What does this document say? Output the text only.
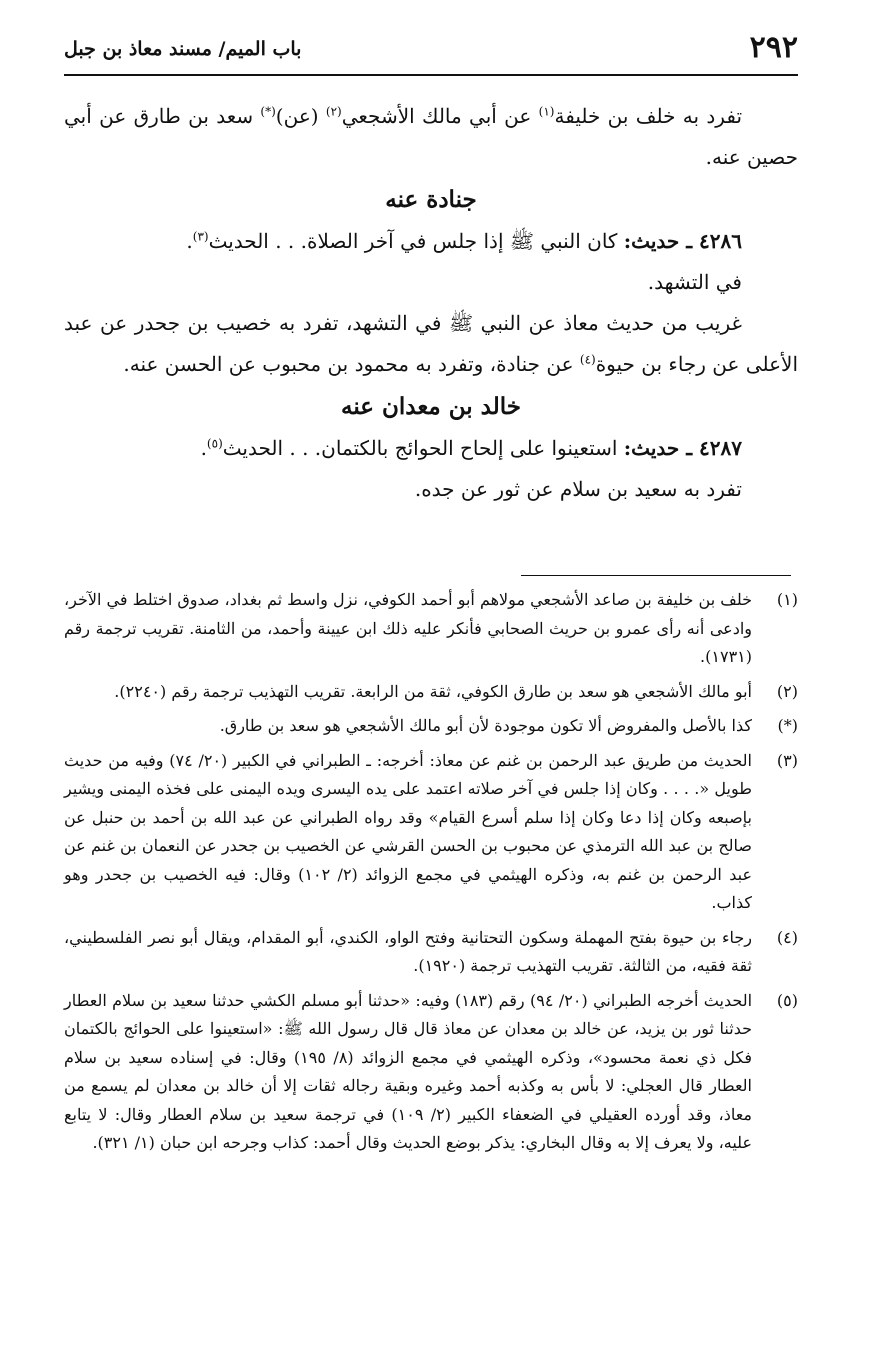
٢٩٢
باب الميم/ مسند معاذ بن جبل

تفرد به خلف بن خليفة$^{(١)}$ عن أبي مالك الأشجعي$^{(٢)}$ (عن)(*) سعد بن طارق عن أبي حصين عنه.

جنادة عنه

٤٢٨٦ ـ حديث: كان النبي ﷺ إذا جلس في آخر الصلاة. . . الحديث$^{(٣)}$.

في التشهد.

غريب من حديث معاذ عن النبي ﷺ في التشهد، تفرد به خصيب بن جحدر عن عبد الأعلى عن رجاء بن حيوة$^{(٤)}$ عن جنادة، وتفرد به محمود بن محبوب عن الحسن عنه.

خالد بن معدان عنه

٤٢٨٧ ـ حديث: استعينوا على إلحاح الحوائج بالكتمان. . . الحديث$^{(٥)}$.

تفرد به سعيد بن سلام عن ثور عن جده.

(١)
خلف بن خليفة بن صاعد الأشجعي مولاهم أبو أحمد الكوفي، نزل واسط ثم بغداد، صدوق اختلط في الآخر، وادعى أنه رأى عمرو بن حريث الصحابي فأنكر عليه ذلك ابن عيينة وأحمد، من الثامنة. تقريب ترجمة رقم (١٧٣١).
(٢)
أبو مالك الأشجعي هو سعد بن طارق الكوفي، ثقة من الرابعة. تقريب التهذيب ترجمة رقم (٢٢٤٠).
(*)
كذا بالأصل والمفروض ألا تكون موجودة لأن أبو مالك الأشجعي هو سعد بن طارق.
(٣)
الحديث من طريق عبد الرحمن بن غنم عن معاذ: أخرجه: ـ الطبراني في الكبير (٢٠/ ٧٤) وفيه من حديث طويل «. . . . وكان إذا جلس في آخر صلاته اعتمد على يده اليسرى ويده اليمنى على فخذه اليمنى ويشير بإصبعه وكان إذا دعا وكان إذا سلم أسرع القيام» وقد رواه الطبراني عن عبد الله بن أحمد بن حنبل عن صالح بن عبد الله الترمذي عن محبوب بن الحسن القرشي عن الخصيب بن جحدر عن النعمان بن غنم عن عبد الرحمن بن غنم به، وذكره الهيثمي في مجمع الزوائد (٢/ ١٠٢) وقال: فيه الخصيب بن جحدر وهو كذاب.
(٤)
رجاء بن حيوة بفتح المهملة وسكون التحتانية وفتح الواو، الكندي، أبو المقدام، ويقال أبو نصر الفلسطيني، ثقة فقيه، من الثالثة. تقريب التهذيب ترجمة (١٩٢٠).
(٥)
الحديث أخرجه الطبراني (٢٠/ ٩٤) رقم (١٨٣) وفيه: «حدثنا أبو مسلم الكشي حدثنا سعيد بن سلام العطار حدثنا ثور بن يزيد، عن خالد بن معدان عن معاذ قال قال رسول الله ﷺ: «استعينوا على الحوائج بالكتمان فكل ذي نعمة محسود»، وذكره الهيثمي في مجمع الزوائد (٨/ ١٩٥) وقال: في إسناده سعيد بن سلام العطار قال العجلي: لا بأس به وكذبه أحمد وغيره وبقية رجاله ثقات إلا أن خالد بن معدان لم يسمع من معاذ، وقد أورده العقيلي في الضعفاء الكبير (٢/ ١٠٩) في ترجمة سعيد بن سلام العطار وقال: لا يتابع عليه، ولا يعرف إلا به وقال البخاري: يذكر بوضع الحديث وقال أحمد: كذاب وجرحه ابن حبان (١/ ٣٢١).
